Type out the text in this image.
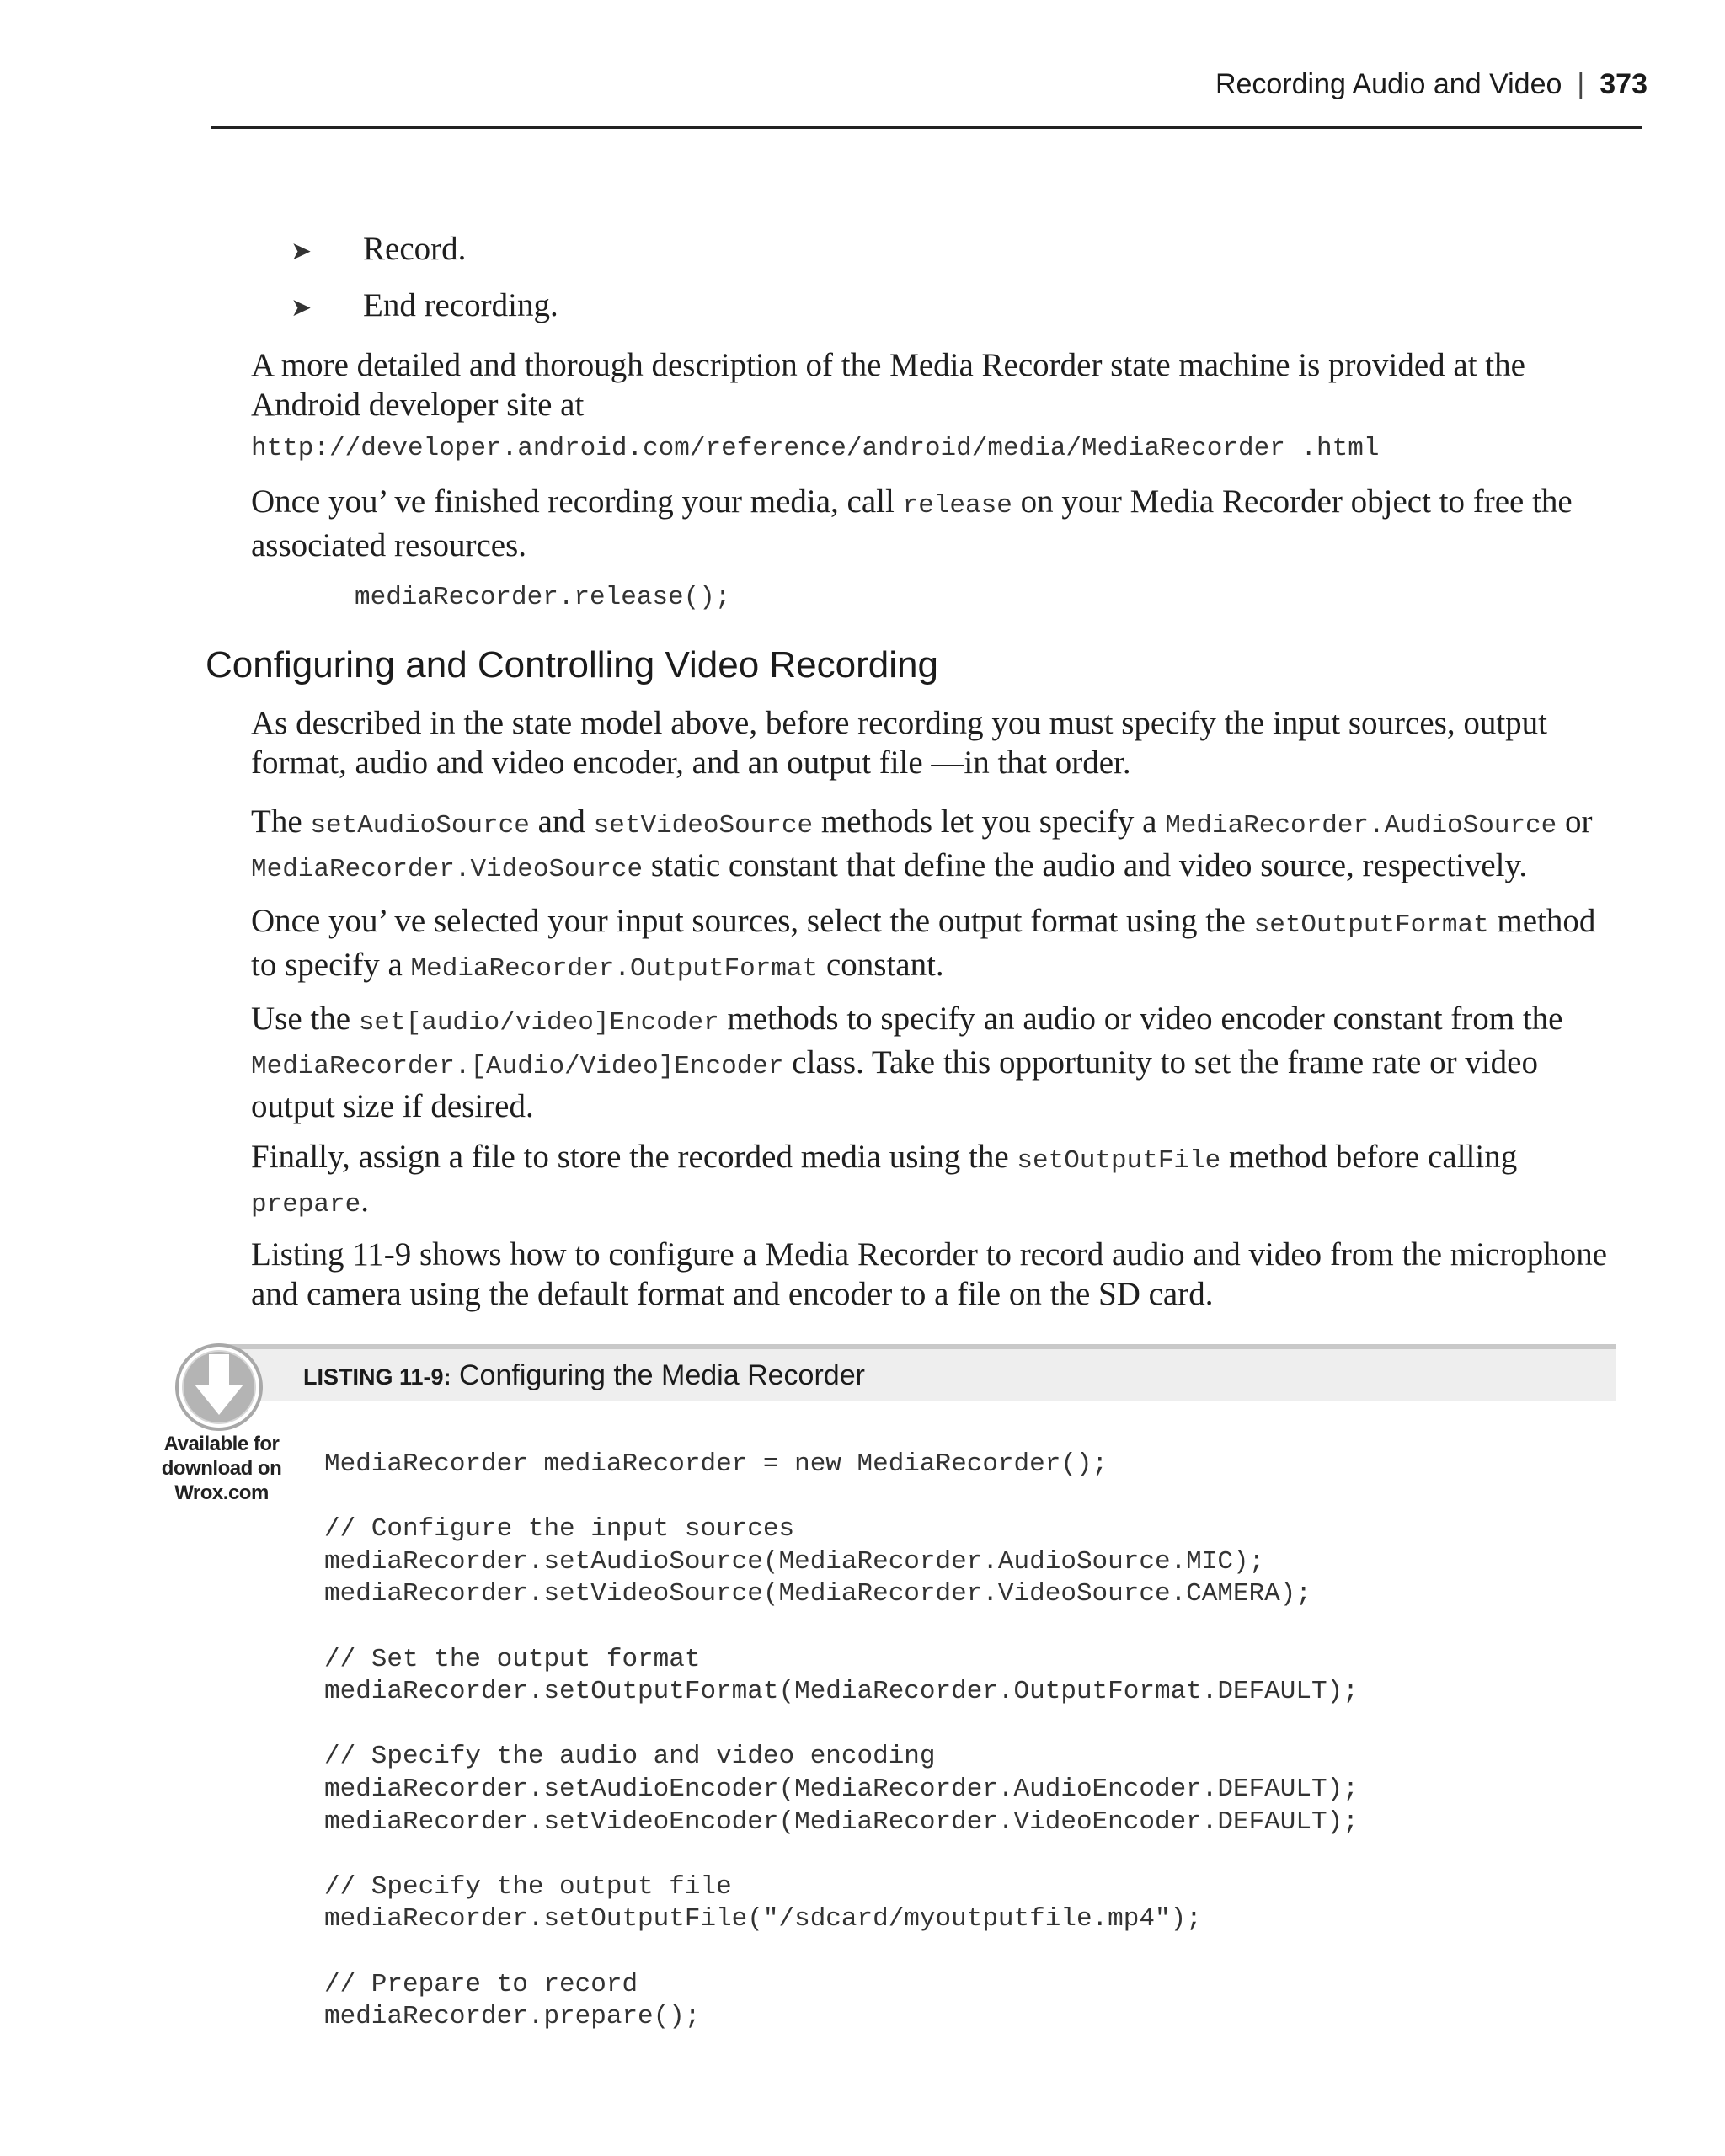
Recording Audio and Video | 373
➤ Record.
➤ End recording.

A more detailed and thorough description of the Media Recorder state machine is provided at the Android developer site at http://developer.android.com/reference/android/media/MediaRecorder .html

Once you’ ve finished recording your media, call release on your Media Recorder object to free the associated resources.

mediaRecorder.release();
Configuring and Controlling Video Recording

As described in the state model above, before recording you must specify the input sources, output format, audio and video encoder, and an output file —in that order.

The setAudioSource and setVideoSource methods let you specify a MediaRecorder.AudioSource or MediaRecorder.VideoSource static constant that define the audio and video source, respectively.

Once you’ ve selected your input sources, select the output format using the setOutputFormat method to specify a MediaRecorder.OutputFormat constant.

Use the set[audio/video]Encoder methods to specify an audio or video encoder constant from the MediaRecorder.[Audio/Video]Encoder class. Take this opportunity to set the frame rate or video output size if desired.

Finally, assign a file to store the recorded media using the setOutputFile method before calling prepare.

Listing 11-9 shows how to configure a Media Recorder to record audio and video from the microphone and camera using the default format and encoder to a file on the SD card.

LISTING 11-9: Configuring the Media Recorder
Available for
download on
Wrox.com
MediaRecorder mediaRecorder = new MediaRecorder();
// Configure the input sources
mediaRecorder.setAudioSource(MediaRecorder.AudioSource.MIC);
mediaRecorder.setVideoSource(MediaRecorder.VideoSource.CAMERA);
// Set the output format
mediaRecorder.setOutputFormat(MediaRecorder.OutputFormat.DEFAULT);
// Specify the audio and video encoding
mediaRecorder.setAudioEncoder(MediaRecorder.AudioEncoder.DEFAULT);
mediaRecorder.setVideoEncoder(MediaRecorder.VideoEncoder.DEFAULT);
// Specify the output file
mediaRecorder.setOutputFile("/sdcard/myoutputfile.mp4");
// Prepare to record
mediaRecorder.prepare();
